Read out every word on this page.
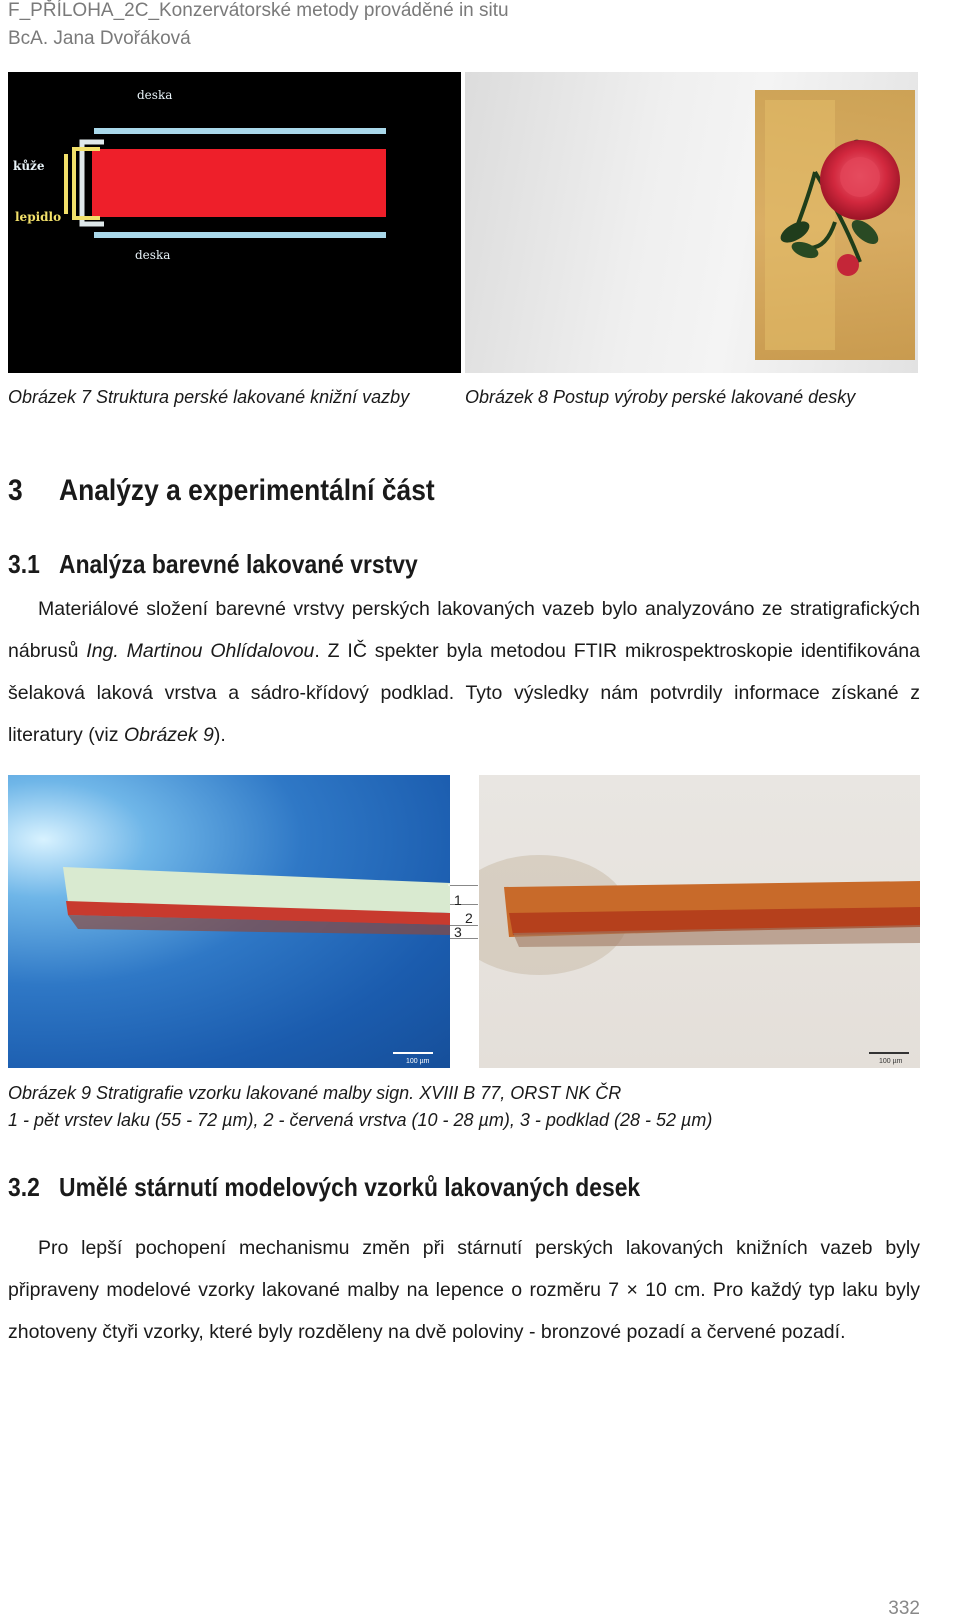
F_PŘÍLOHA_2C_Konzervátorské metody prováděné in situ
BcA. Jana Dvořáková
deska
kůže
lepidlo
deska
Obrázek 7 Struktura perské lakované knižní vazby	Obrázek 8 Postup výroby perské lakované desky
3 Analýzy a experimentální část
3.1 Analýza barevné lakované vrstvy

Materiálové složení barevné vrstvy perských lakovaných vazeb bylo analyzováno ze stratigrafických nábrusů Ing. Martinou Ohlídalovou. Z IČ spekter byla metodou FTIR mikrospektroskopie identifikována šelaková laková vrstva a sádro-křídový podklad. Tyto výsledky nám potvrdily informace získané z literatury (viz Obrázek 9).

100 µm
1
2
3
100 µm
Obrázek 9 Stratigrafie vzorku lakované malby sign. XVIII B 77, ORST NK ČR
1 - pět vrstev laku (55 - 72 µm), 2 - červená vrstva (10 - 28 µm), 3 - podklad (28 - 52 µm)
3.2 Umělé stárnutí modelových vzorků lakovaných desek

Pro lepší pochopení mechanismu změn při stárnutí perských lakovaných knižních vazeb byly připraveny modelové vzorky lakované malby na lepence o rozměru 7 × 10 cm. Pro každý typ laku byly zhotoveny čtyři vzorky, které byly rozděleny na dvě poloviny - bronzové pozadí a červené pozadí.

332
